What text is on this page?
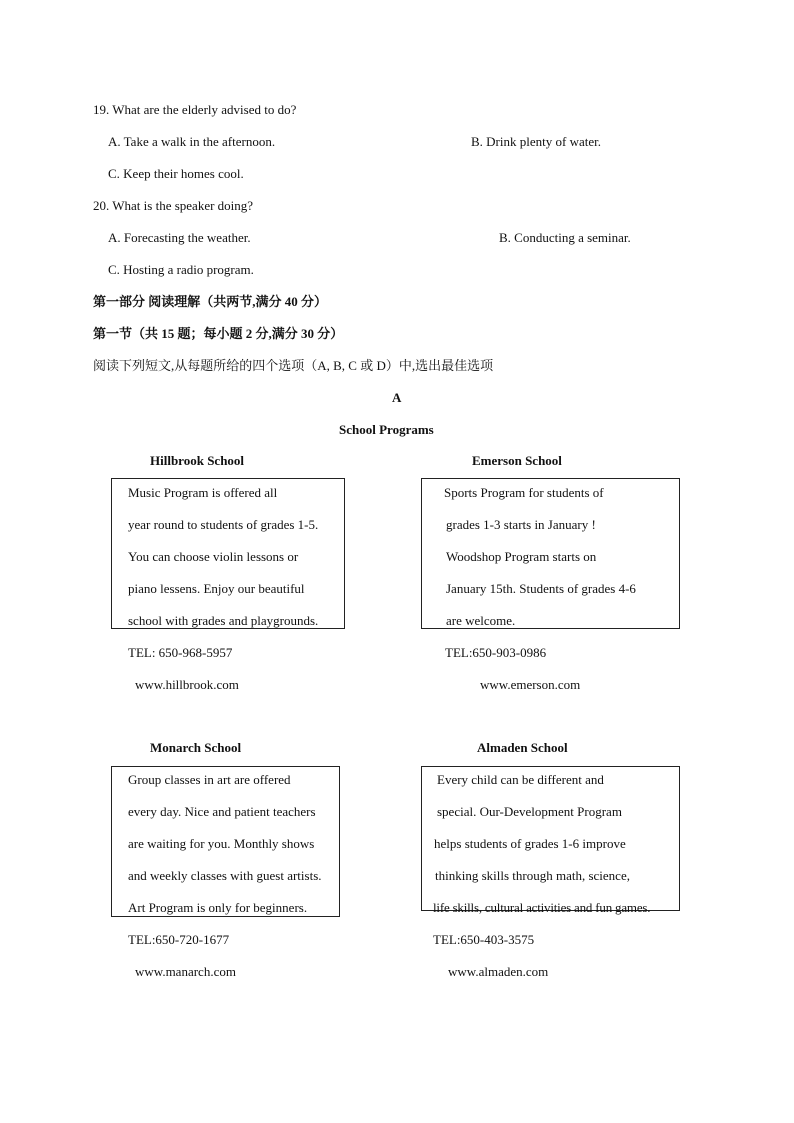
19. What are the elderly advised to do?
A. Take a walk in the afternoon.	B. Drink plenty of water.
C. Keep their homes cool.
20. What is the speaker doing?
A. Forecasting the weather.	B. Conducting a seminar.
C. Hosting a radio program.
第一部分 阅读理解（共两节,满分 40 分）
第一节（共 15 题；每小题 2 分,满分 30 分）
阅读下列短文,从每题所给的四个选项（A, B, C 或 D）中,选出最佳选项
A
School Programs
Hillbrook School
Music Program is offered all
year round to students of grades 1-5.
You can choose violin lessons or
piano lessens. Enjoy our beautiful
school with grades and playgrounds.
TEL: 650-968-5957
www.hillbrook.com
Emerson School
Sports Program for students of
grades 1-3 starts in January !
Woodshop Program starts on
January 15th. Students of grades 4-6
are welcome.
TEL:650-903-0986
www.emerson.com
Monarch School
Group classes in art are offered
every day. Nice and patient teachers
are waiting for you. Monthly shows
and weekly classes with guest artists.
Art Program is only for beginners.
TEL:650-720-1677
www.manarch.com
Almaden School
Every child can be different and
special. Our-Development Program
helps students of grades 1-6 improve
thinking skills through math, science,
life skills, cultural activities and fun games.
TEL:650-403-3575
www.almaden.com
